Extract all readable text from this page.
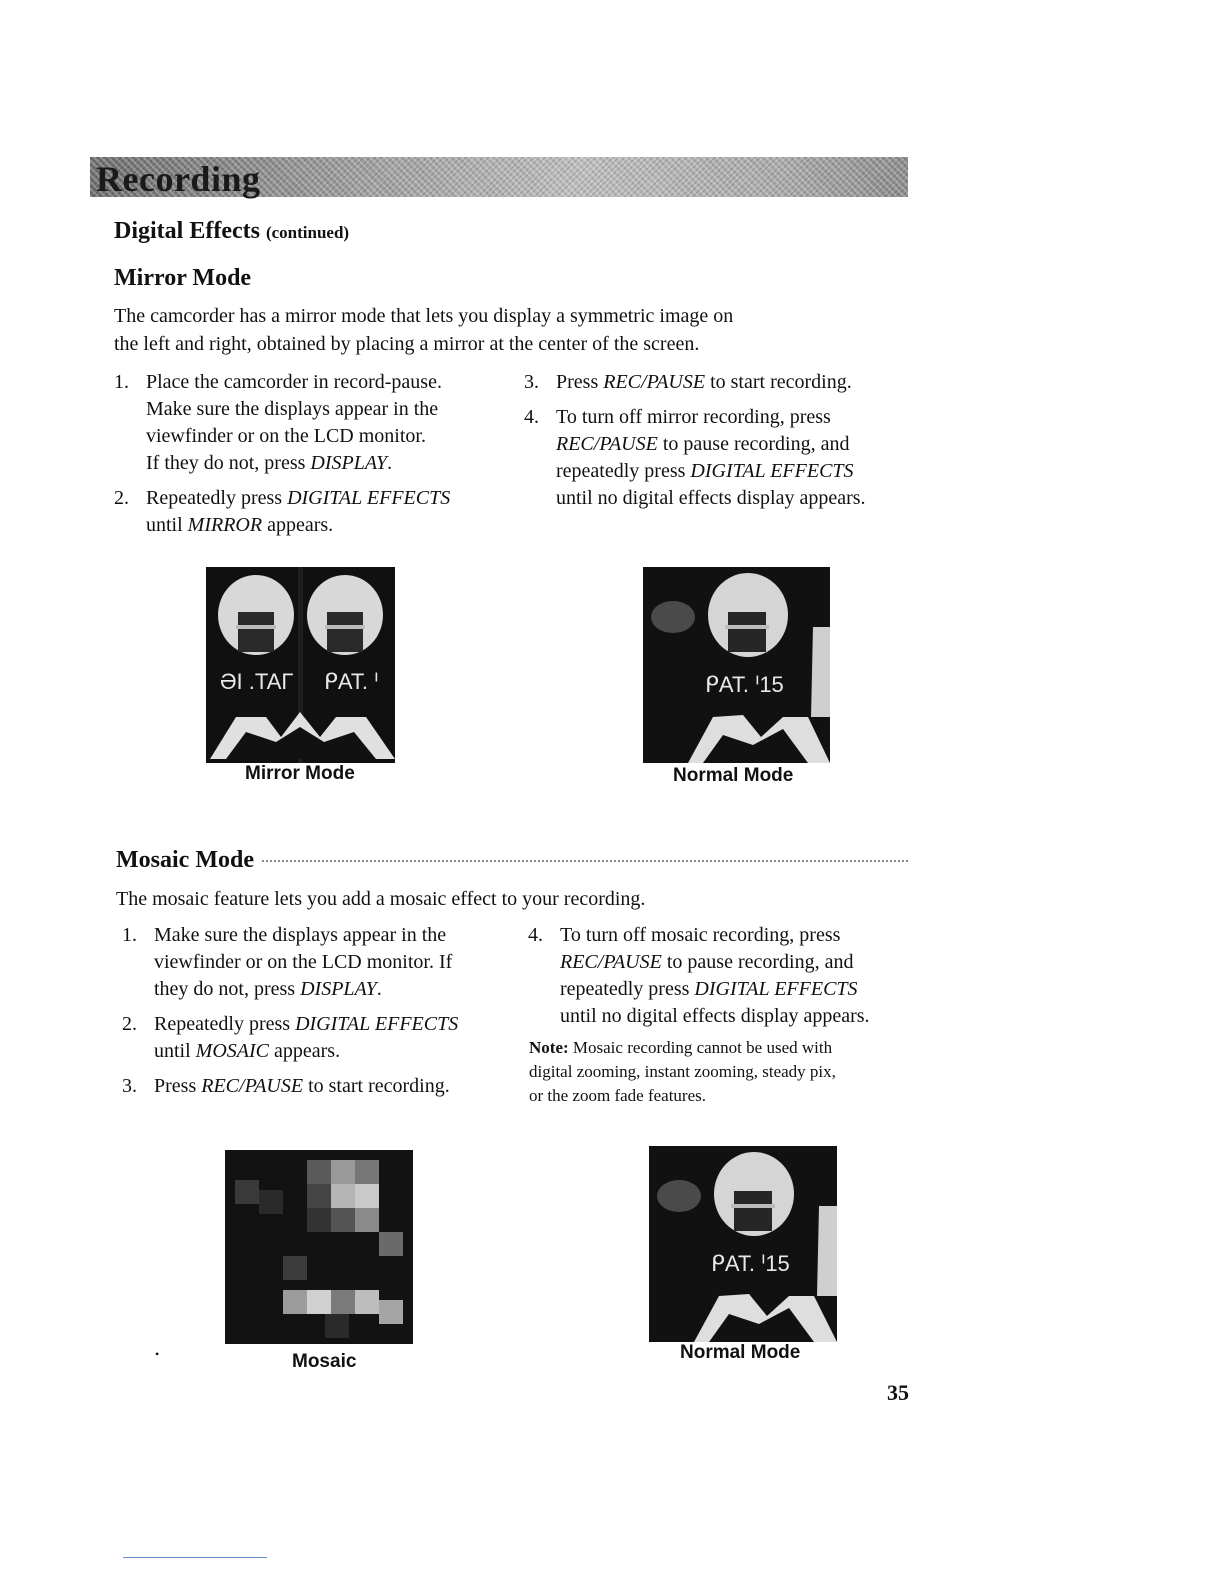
Recording
Digital Effects (continued)
Mirror Mode
The camcorder has a mirror mode that lets you display a symmetric image on
the left and right, obtained by placing a mirror at the center of the screen.
1. Place the camcorder in record-pause.
Make sure the displays appear in the
viewfinder or on the LCD monitor.
If they do not, press DISPLAY.
2. Repeatedly press DIGITAL EFFECTS
until MIRROR appears.
3. Press REC/PAUSE to start recording.
4. To turn off mirror recording, press
REC/PAUSE to pause recording, and
repeatedly press DIGITAL EFFECTS
until no digital effects display appears.
ƏI .TAΓ ᑭAT. ᑊ
Mirror Mode
ᑭAT. ᑊ15
Normal Mode
Mosaic Mode
The mosaic feature lets you add a mosaic effect to your recording.
1. Make sure the displays appear in the
viewfinder or on the LCD monitor. If
they do not, press DISPLAY.
2. Repeatedly press DIGITAL EFFECTS
until MOSAIC appears.
3. Press REC/PAUSE to start recording.
4. To turn off mosaic recording, press
REC/PAUSE to pause recording, and
repeatedly press DIGITAL EFFECTS
until no digital effects display appears.
Note: Mosaic recording cannot be used with
digital zooming, instant zooming, steady pix,
or the zoom fade features.
•	Mosaic
ᑭAT. ᑊ15
Normal Mode
35
